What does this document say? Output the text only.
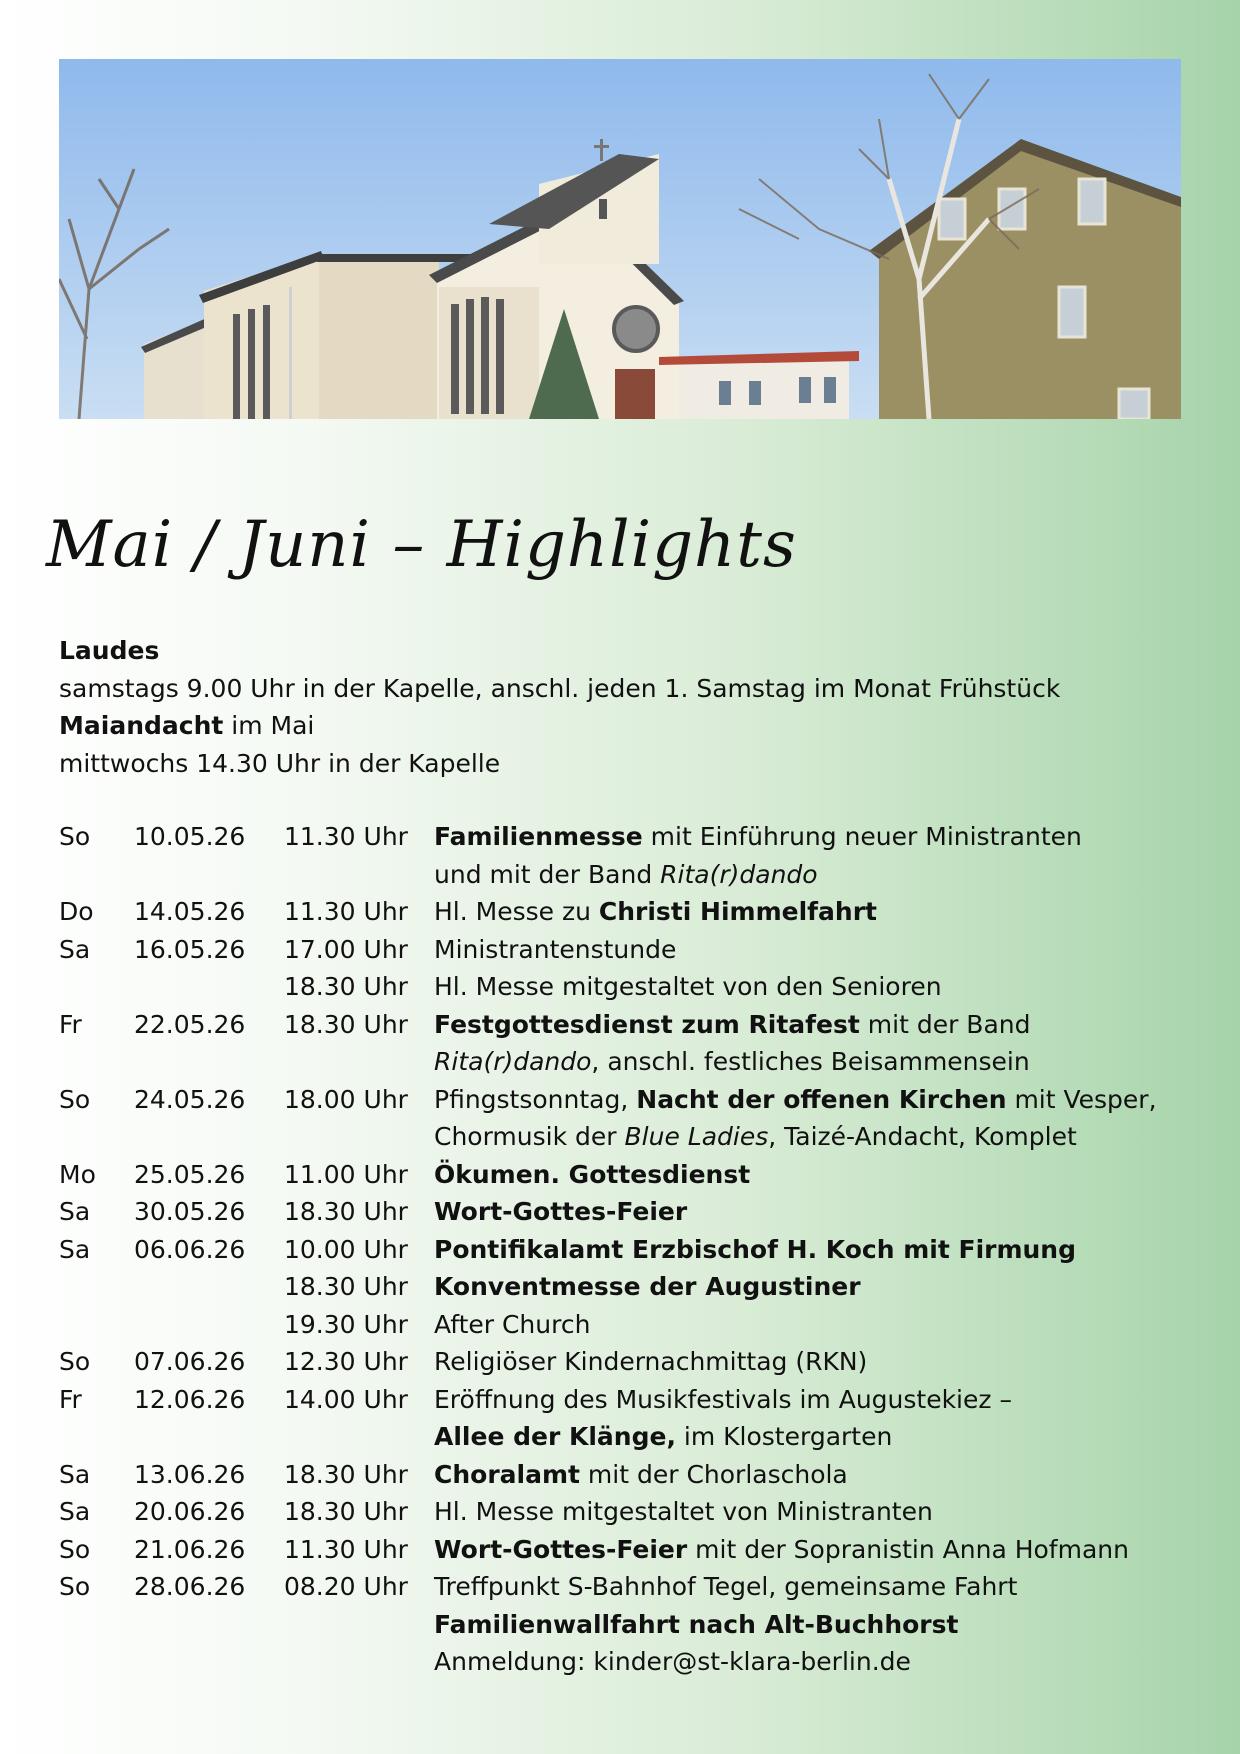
Mai / Juni – Highlights
Laudes
samstags 9.00 Uhr in der Kapelle, anschl. jeden 1. Samstag im Monat Frühstück
Maiandacht im Mai
mittwochs 14.30 Uhr in der Kapelle
So	10.05.26	11.30 Uhr	Familienmesse mit Einführung neuer Ministranten
und mit der Band Rita(r)dando
Do	14.05.26	11.30 Uhr	Hl. Messe zu Christi Himmelfahrt
Sa	16.05.26	17.00 Uhr	Ministrantenstunde
18.30 Uhr	Hl. Messe mitgestaltet von den Senioren
Fr	22.05.26	18.30 Uhr	Festgottesdienst zum Ritafest mit der Band
Rita(r)dando, anschl. festliches Beisammensein
So	24.05.26	18.00 Uhr	Pfingstsonntag, Nacht der offenen Kirchen mit Vesper,
Chormusik der Blue Ladies, Taizé-Andacht, Komplet
Mo	25.05.26	11.00 Uhr	Ökumen. Gottesdienst
Sa	30.05.26	18.30 Uhr	Wort-Gottes-Feier
Sa	06.06.26	10.00 Uhr	Pontifikalamt Erzbischof H. Koch mit Firmung
18.30 Uhr	Konventmesse der Augustiner
19.30 Uhr	After Church
So	07.06.26	12.30 Uhr	Religiöser Kindernachmittag (RKN)
Fr	12.06.26	14.00 Uhr	Eröffnung des Musikfestivals im Augustekiez –
Allee der Klänge, im Klostergarten
Sa	13.06.26	18.30 Uhr	Choralamt mit der Chorlaschola
Sa	20.06.26	18.30 Uhr	Hl. Messe mitgestaltet von Ministranten
So	21.06.26	11.30 Uhr	Wort-Gottes-Feier mit der Sopranistin Anna Hofmann
So	28.06.26	08.20 Uhr	Treffpunkt S-Bahnhof Tegel, gemeinsame Fahrt
Familienwallfahrt nach Alt-Buchhorst
Anmeldung: kinder@st-klara-berlin.de
